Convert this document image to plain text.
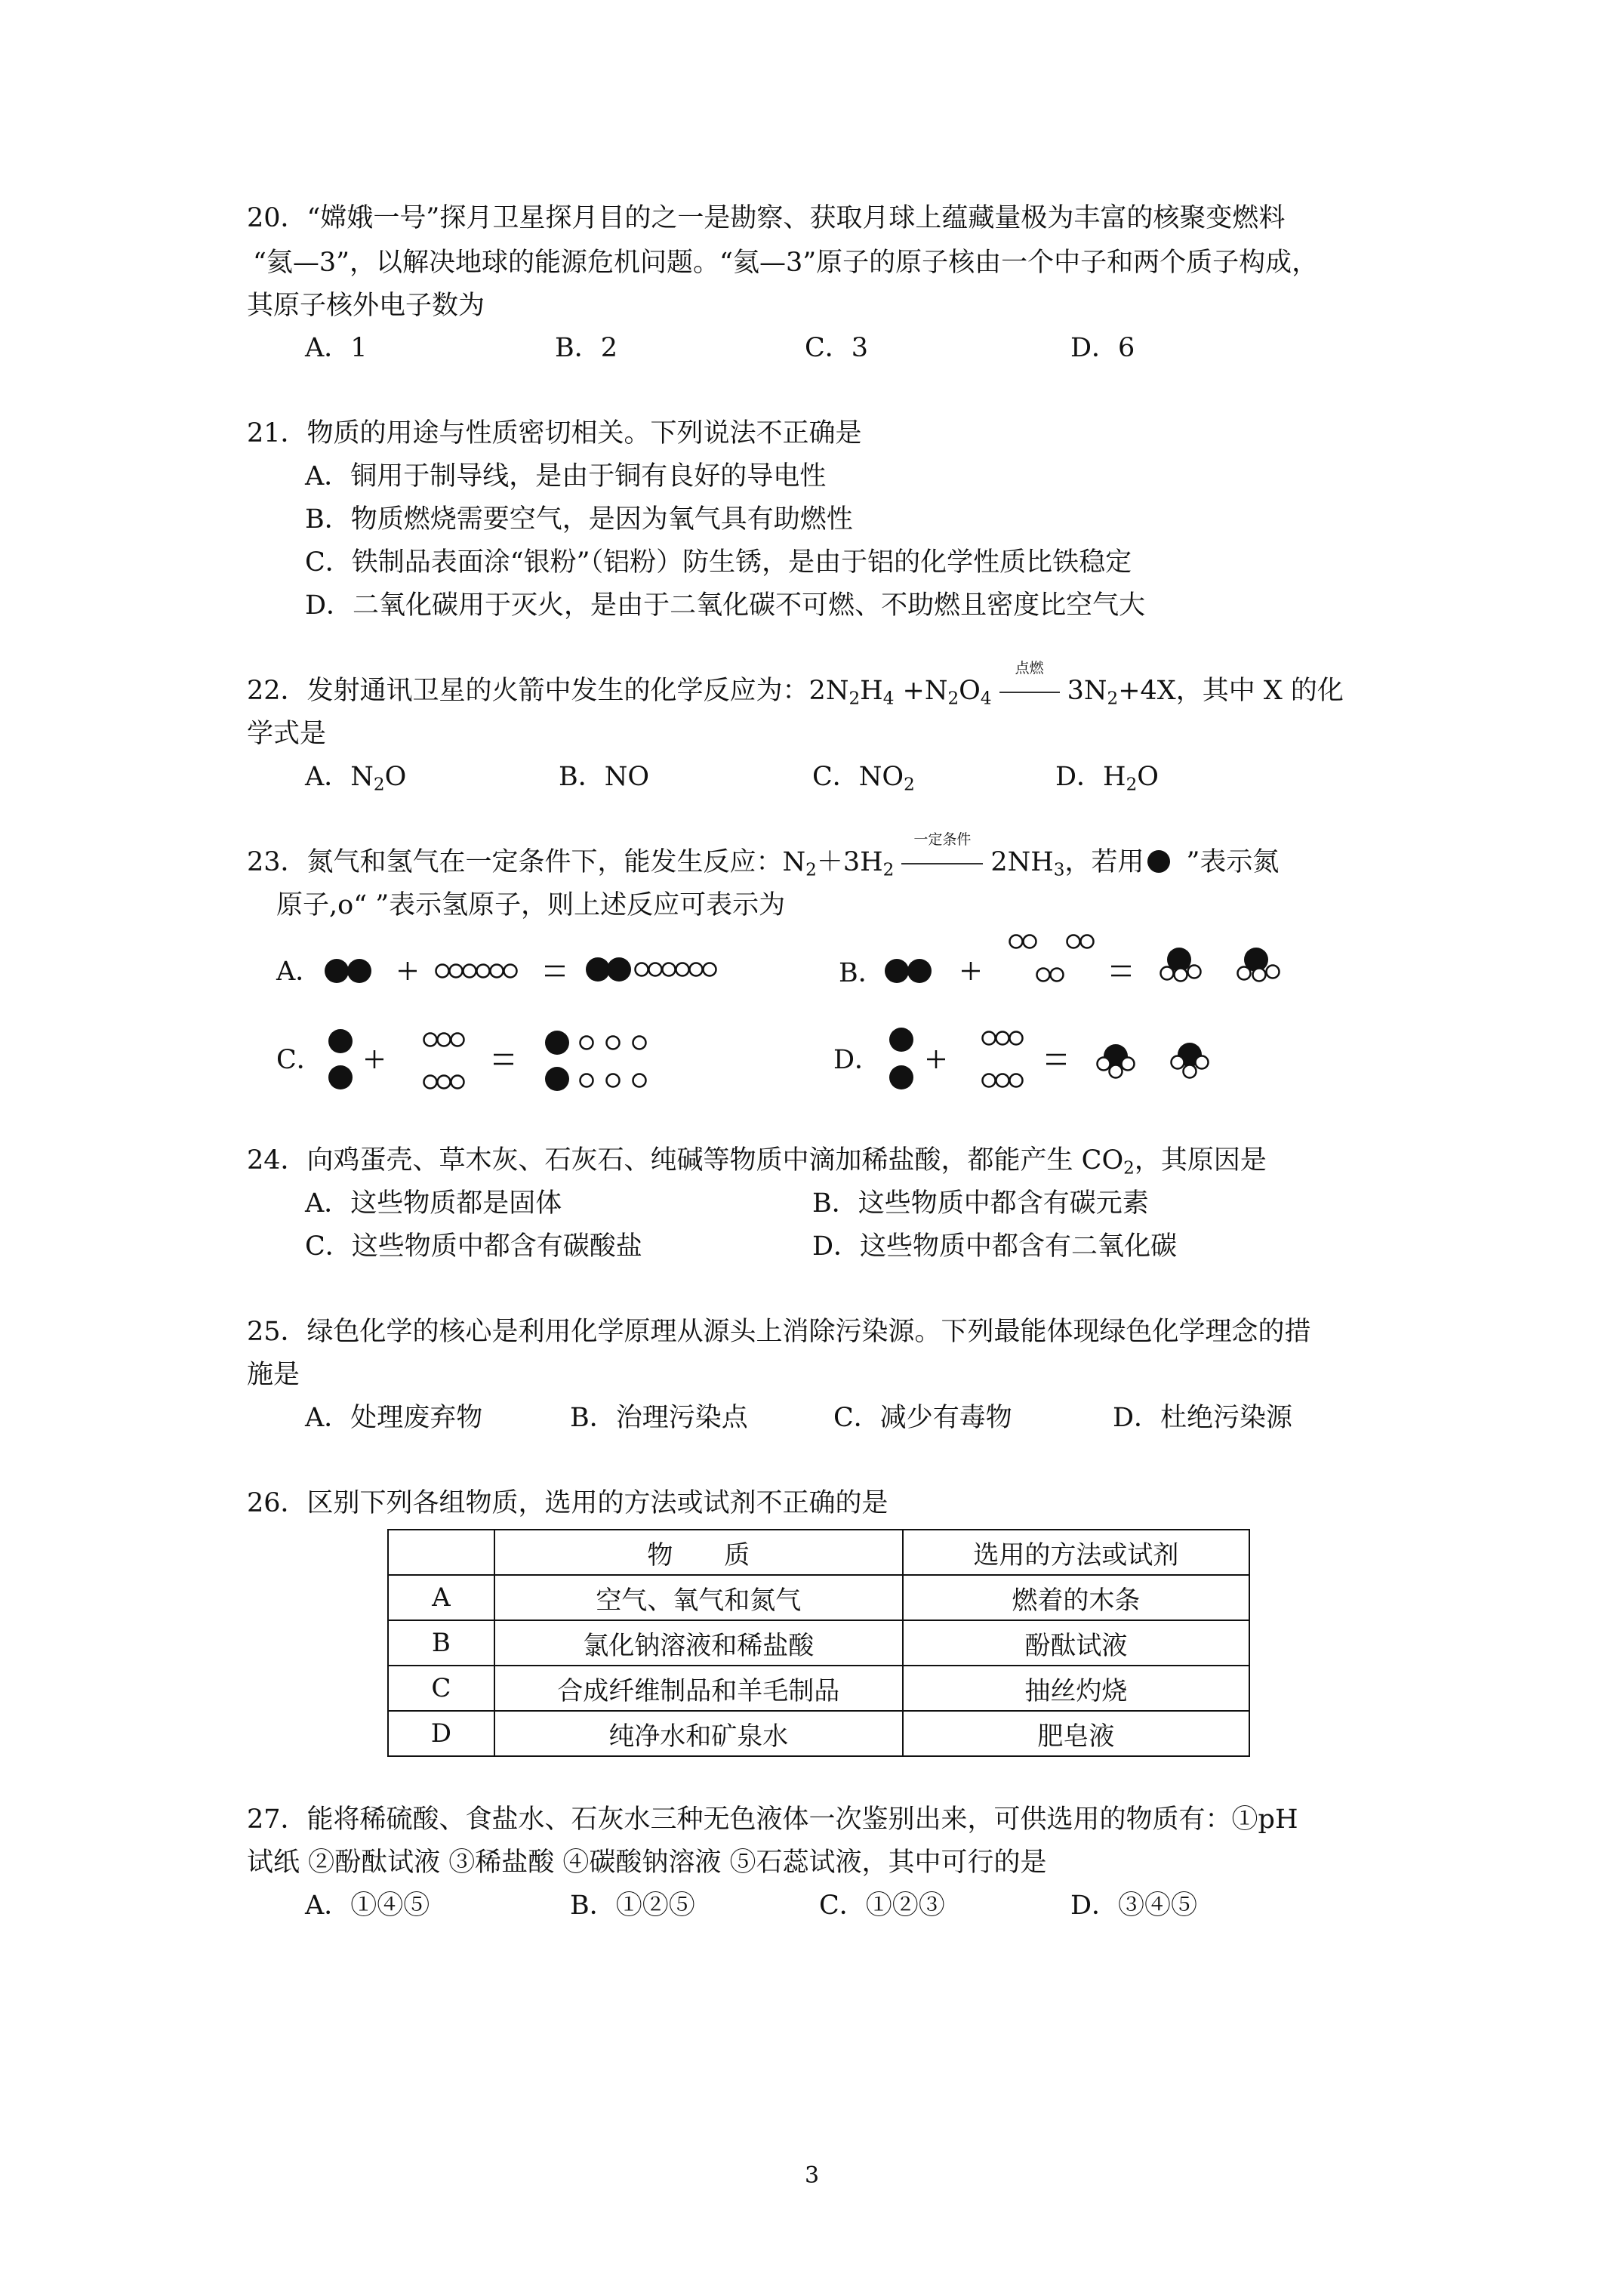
20．“嫦娥一号”探月卫星探月目的之一是勘察、获取月球上蕴藏量极为丰富的核聚变燃料
“氦—3”，以解决地球的能源危机问题。“氦—3”原子的原子核由一个中子和两个质子构成，
其原子核外电子数为
A．1	B．2	C．3	D．6
21．物质的用途与性质密切相关。下列说法不正确是
A．铜用于制导线，是由于铜有良好的导电性
B．物质燃烧需要空气，是因为氧气具有助燃性
C．铁制品表面涂“银粉”（铝粉）防生锈，是由于铝的化学性质比铁稳定
D．二氧化碳用于灭火，是由于二氧化碳不可燃、不助燃且密度比空气大
22．发射通讯卫星的火箭中发生的化学反应为：$2N_2H_4 +N_2O_4$
点燃
$3N_2+4X$，其中 X 的化
学式是
A．$N_2O$	B．NO	C．$NO_2$	D．$H_2O$
23．氮气和氢气在一定条件下，能发生反应：$N_2+3H_2$
一定条件
$2NH_3$，若用 ”表示氮
原子,o“ ”表示氢原子，则上述反应可表示为
A．	B．
C．	D．
24．向鸡蛋壳、草木灰、石灰石、纯碱等物质中滴加稀盐酸，都能产生 $CO_2$，其原因是
A．这些物质都是固体	B．这些物质中都含有碳元素
C．这些物质中都含有碳酸盐	D．这些物质中都含有二氧化碳
25．绿色化学的核心是利用化学原理从源头上消除污染源。下列最能体现绿色化学理念的措
施是
A．处理废弃物	B．治理污染点	C．减少有毒物	D．杜绝污染源
26．区别下列各组物质，选用的方法或试剂不正确的是
	物　　质	选用的方法或试剂
A	空气、氧气和氮气	燃着的木条
B	氯化钠溶液和稀盐酸	酚酞试液
C	合成纤维制品和羊毛制品	抽丝灼烧
D	纯净水和矿泉水	肥皂液
27．能将稀硫酸、食盐水、石灰水三种无色液体一次鉴别出来，可供选用的物质有：①pH
试纸 ②酚酞试液 ③稀盐酸 ④碳酸钠溶液 ⑤石蕊试液，其中可行的是
A．①④⑤	B．①②⑤	C．①②③	D．③④⑤
3
